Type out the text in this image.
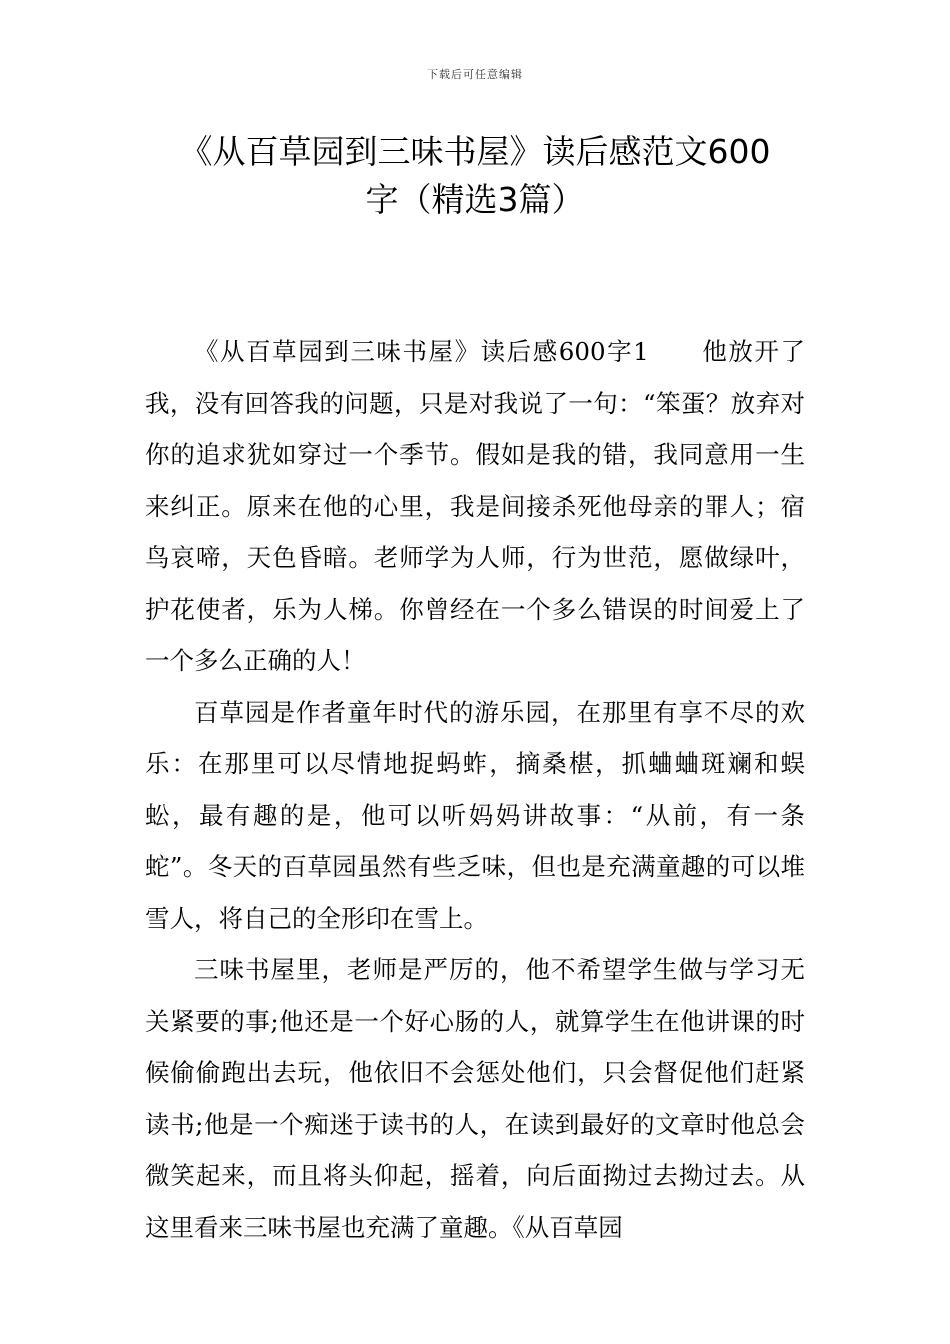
下载后可任意编辑
《从百草园到三味书屋》读后感范文600
字（精选3篇）

《从百草园到三味书屋》读后感600字1 他放开了我，没有回答我的问题，只是对我说了一句：“笨蛋？放弃对你的追求犹如穿过一个季节。假如是我的错，我同意用一生来纠正。原来在他的心里，我是间接杀死他母亲的罪人；宿鸟哀啼，天色昏暗。老师学为人师，行为世范，愿做绿叶，护花使者，乐为人梯。你曾经在一个多么错误的时间爱上了一个多么正确的人！

百草园是作者童年时代的游乐园，在那里有享不尽的欢乐：在那里可以尽情地捉蚂蚱，摘桑椹，抓蛐蛐斑斓和蜈蚣，最有趣的是，他可以听妈妈讲故事：“从前，有一条蛇”。冬天的百草园虽然有些乏味，但也是充满童趣的可以堆雪人，将自己的全形印在雪上。

三味书屋里，老师是严厉的，他不希望学生做与学习无关紧要的事;他还是一个好心肠的人，就算学生在他讲课的时候偷偷跑出去玩，他依旧不会惩处他们，只会督促他们赶紧读书;他是一个痴迷于读书的人，在读到最好的文章时他总会微笑起来，而且将头仰起，摇着，向后面拗过去拗过去。从这里看来三味书屋也充满了童趣。《从百草园
